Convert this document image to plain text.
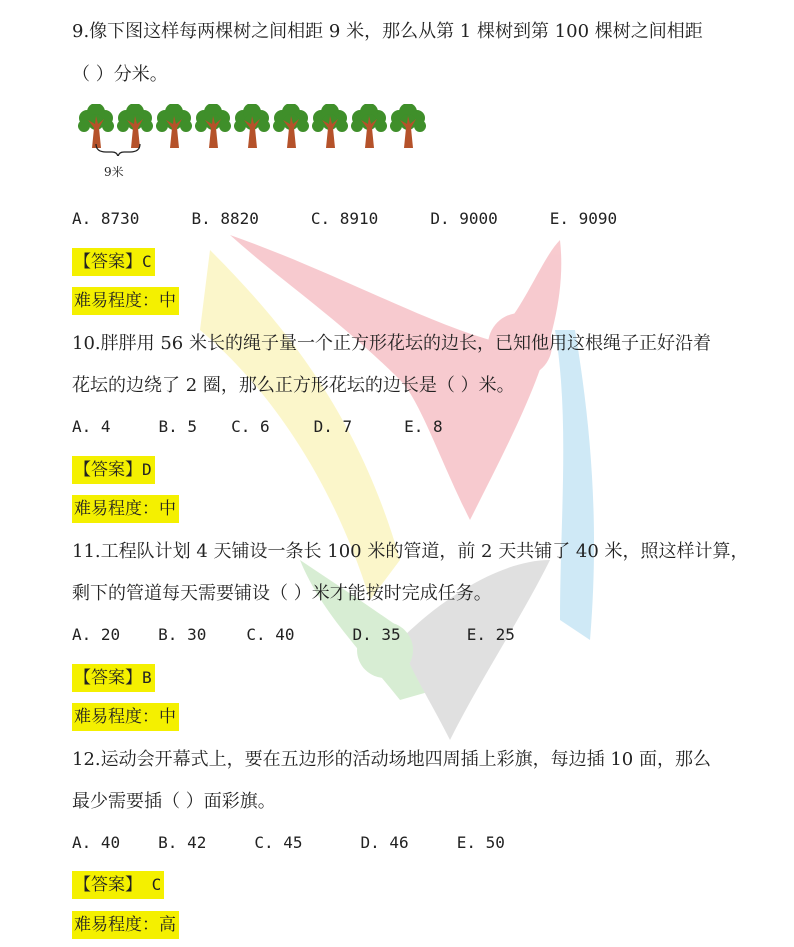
9.像下图这样每两棵树之间相距 9 米，那么从第 1 棵树到第 100 棵树之间相距
（ ）分米。
9米
A. 8730	B. 8820	C. 8910	D. 9000	E. 9090
【答案】C
难易程度：中
10.胖胖用 56 米长的绳子量一个正方形花坛的边长，已知他用这根绳子正好沿着
花坛的边绕了 2 圈，那么正方形花坛的边长是（ ）米。
A. 4	B. 5 C. 6	D. 7	E. 8
【答案】D
难易程度：中
11.工程队计划 4 天铺设一条长 100 米的管道，前 2 天共铺了 40 米，照这样计算，
剩下的管道每天需要铺设（ ）米才能按时完成任务。
A. 20 B. 30	C. 40	D. 35	E. 25
【答案】B
难易程度：中
12.运动会开幕式上，要在五边形的活动场地四周插上彩旗，每边插 10 面，那么
最少需要插（ ）面彩旗。
A. 40 B. 42	C. 45	D. 46	E. 50
【答案】 C
难易程度：高
